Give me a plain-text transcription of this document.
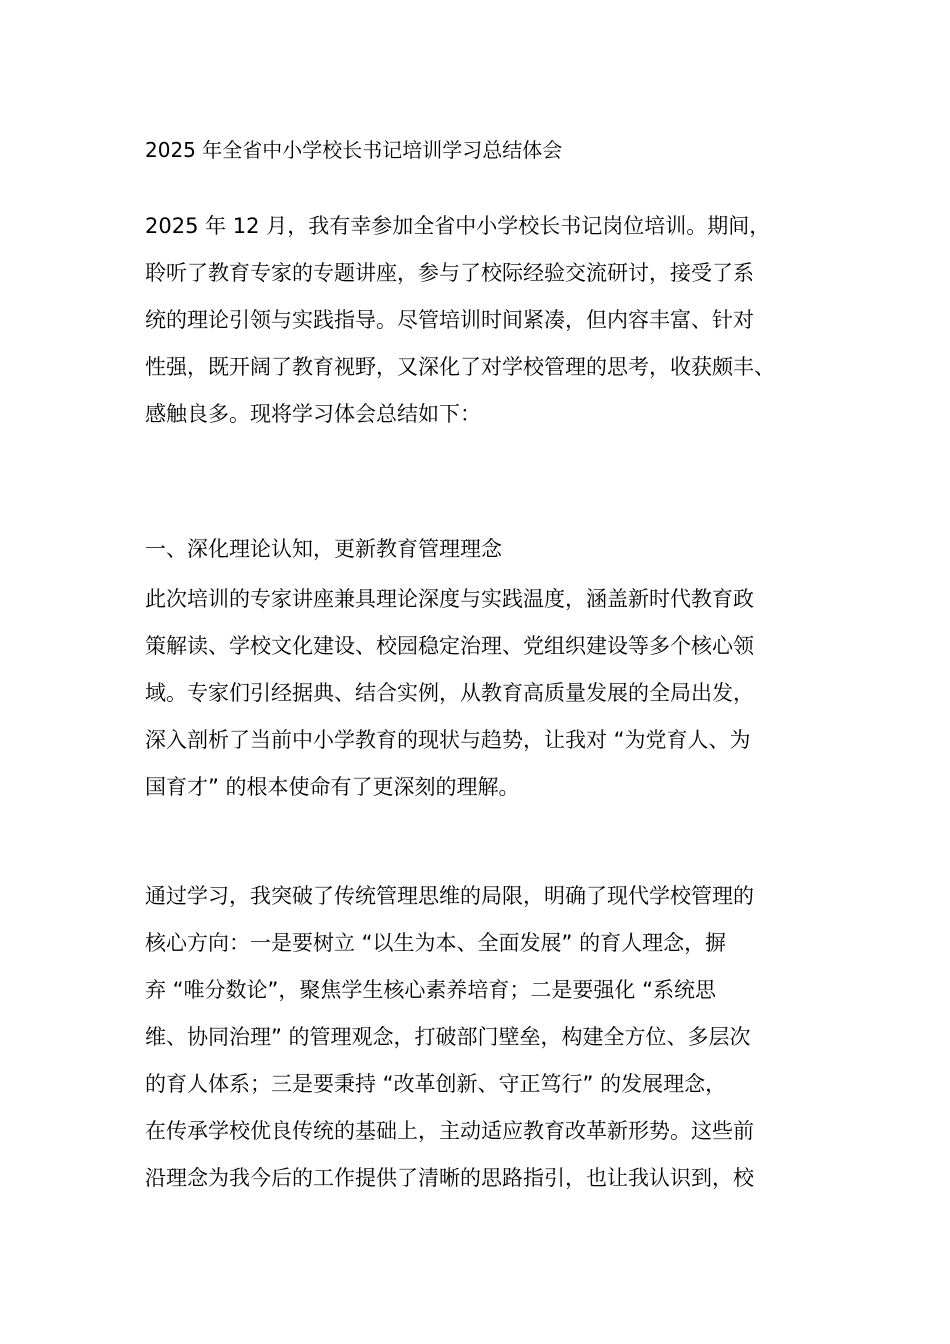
2025 年全省中小学校长书记培训学习总结体会
2025 年 12 月，我有幸参加全省中小学校长书记岗位培训。期间，
聆听了教育专家的专题讲座，参与了校际经验交流研讨，接受了系
统的理论引领与实践指导。尽管培训时间紧凑，但内容丰富、针对
性强，既开阔了教育视野，又深化了对学校管理的思考，收获颇丰、
感触良多。现将学习体会总结如下：
一、深化理论认知，更新教育管理理念
此次培训的专家讲座兼具理论深度与实践温度，涵盖新时代教育政
策解读、学校文化建设、校园稳定治理、党组织建设等多个核心领
域。专家们引经据典、结合实例，从教育高质量发展的全局出发，
深入剖析了当前中小学教育的现状与趋势，让我对 “为党育人、为
国育才” 的根本使命有了更深刻的理解。
通过学习，我突破了传统管理思维的局限，明确了现代学校管理的
核心方向：一是要树立 “以生为本、全面发展” 的育人理念，摒
弃 “唯分数论”，聚焦学生核心素养培育；二是要强化 “系统思
维、协同治理” 的管理观念，打破部门壁垒，构建全方位、多层次
的育人体系；三是要秉持 “改革创新、守正笃行” 的发展理念，
在传承学校优良传统的基础上，主动适应教育改革新形势。这些前
沿理念为我今后的工作提供了清晰的思路指引，也让我认识到，校
